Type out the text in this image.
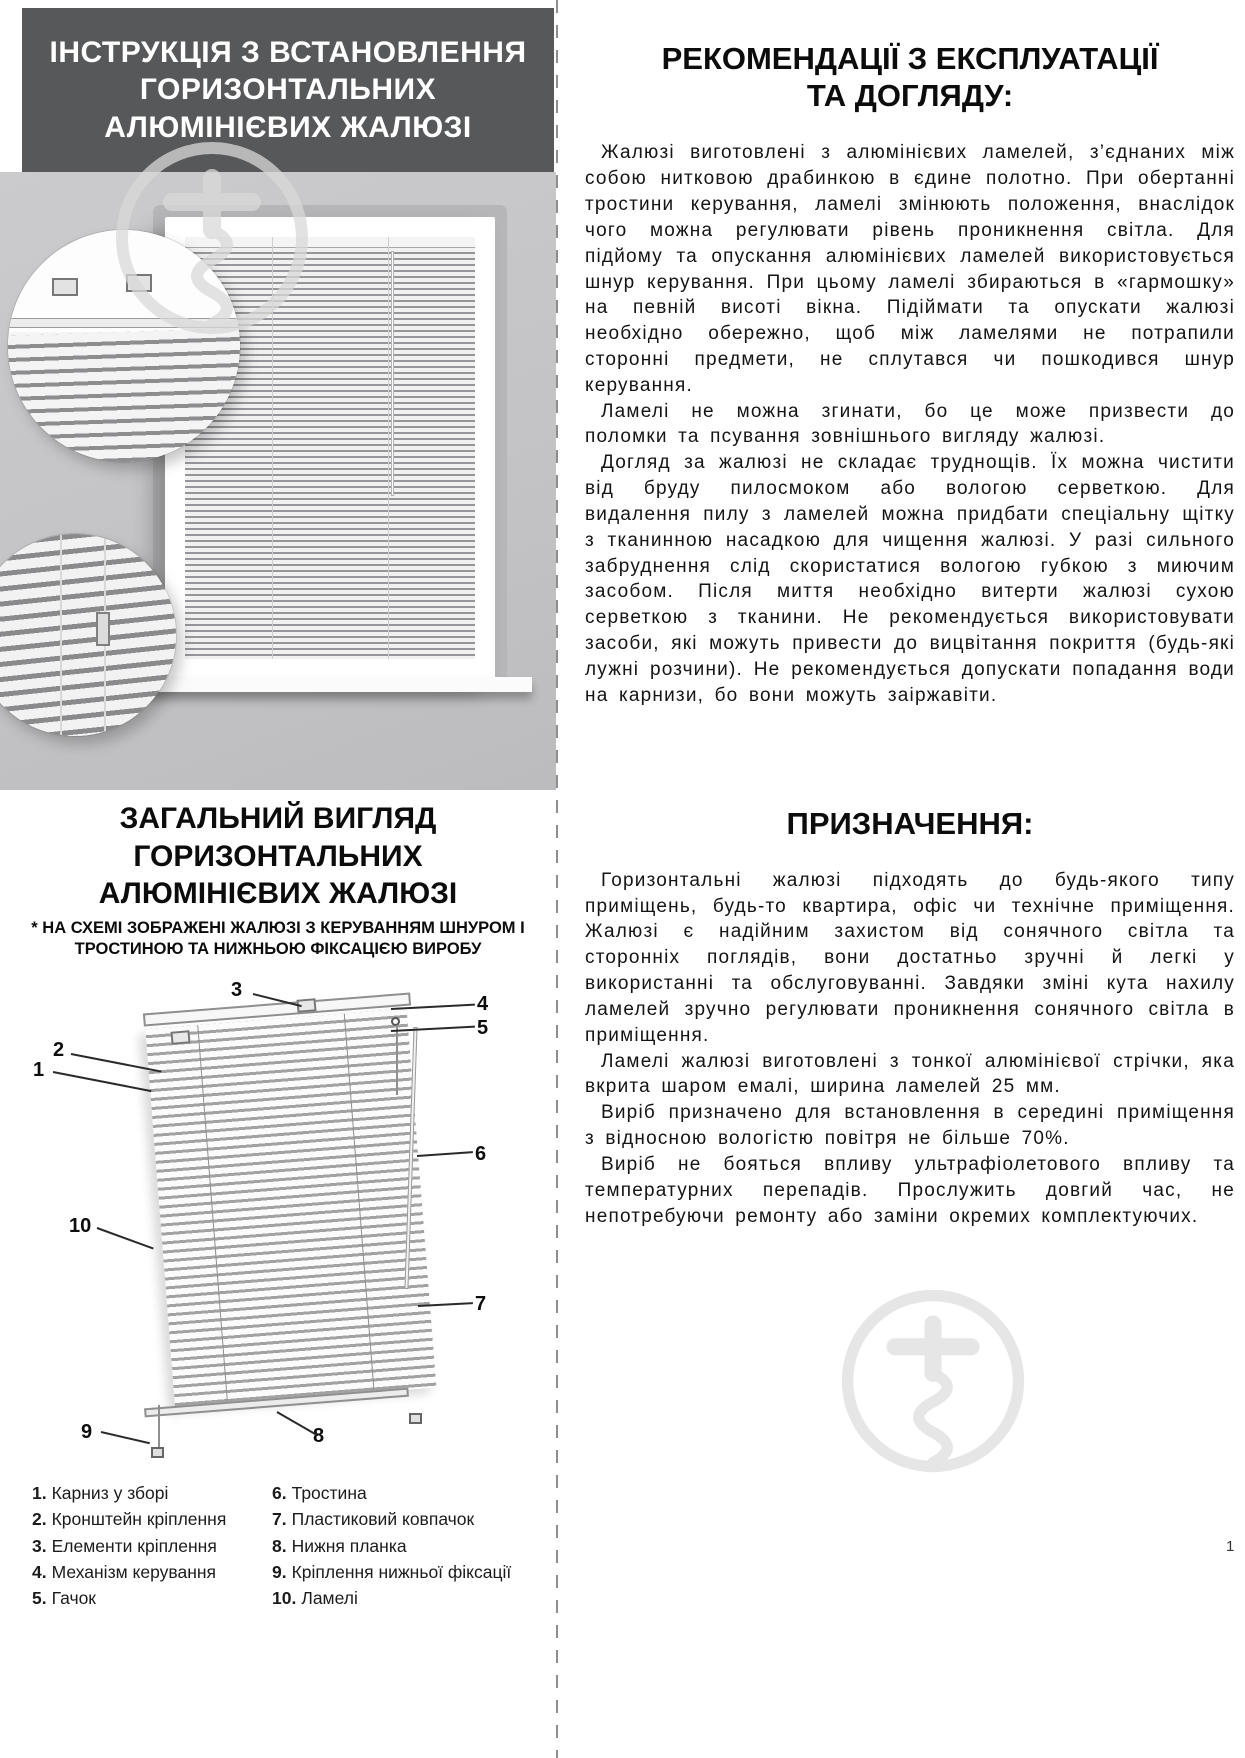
ІНСТРУКЦІЯ З ВСТАНОВЛЕННЯ ГОРИЗОНТАЛЬНИХ АЛЮМІНІЄВИХ ЖАЛЮЗІ
ЗАГАЛЬНИЙ ВИГЛЯД ГОРИЗОНТАЛЬНИХ АЛЮМІНІЄВИХ ЖАЛЮЗІ
* НА СХЕМІ ЗОБРАЖЕНІ ЖАЛЮЗІ З КЕРУВАННЯМ ШНУРОМ І ТРОСТИНОЮ ТА НИЖНЬОЮ ФІКСАЦІЄЮ ВИРОБУ
1
2
3
4
5
6
7
8
9
10
1. Карниз у зборі
2. Кронштейн кріплення
3. Елементи кріплення
4. Механізм керування
5. Гачок
6. Тростина
7. Пластиковий ковпачок
8. Нижня планка
9. Кріплення нижньої фіксації
10. Ламелі
РЕКОМЕНДАЦІЇ З ЕКСПЛУАТАЦІЇ ТА ДОГЛЯДУ:

Жалюзі виготовлені з алюмінієвих ламелей, з’єднаних між собою нитковою драбинкою в єдине полотно. При обертанні тростини керування, ламелі змінюють положення, внаслідок чого можна регулювати рівень проникнення світла. Для підйому та опускання алюмінієвих ламелей використовується шнур керування. При цьому ламелі збираються в «гармошку» на певній висоті вікна. Підіймати та опускати жалюзі необхідно обережно, щоб між ламелями не потрапили сторонні предмети, не сплутався чи пошкодився шнур керування.

Ламелі не можна згинати, бо це може призвести до поломки та псування зовнішнього вигляду жалюзі.

Догляд за жалюзі не складає труднощів. Їх можна чистити від бруду пилосмоком або вологою серветкою. Для видалення пилу з ламелей можна придбати спеціальну щітку з тканинною насадкою для чищення жалюзі. У разі сильного забруднення слід скористатися вологою губкою з миючим засобом. Після миття необхідно витерти жалюзі сухою серветкою з тканини. Не рекомендується використовувати засоби, які можуть привести до вицвітання покриття (будь-які лужні розчини). Не рекомендується допускати попадання води на карнизи, бо вони можуть заіржавіти.

ПРИЗНАЧЕННЯ:

Горизонтальні жалюзі підходять до будь-якого типу приміщень, будь-то квартира, офіс чи технічне приміщення. Жалюзі є надійним захистом від сонячного світла та сторонніх поглядів, вони достатньо зручні й легкі у використанні та обслуговуванні. Завдяки зміні кута нахилу ламелей зручно регулювати проникнення сонячного світла в приміщення.

Ламелі жалюзі виготовлені з тонкої алюмінієвої стрічки, яка вкрита шаром емалі, ширина ламелей 25 мм.

Виріб призначено для встановлення в середині приміщення з відносною вологістю повітря не більше 70%.

Виріб не бояться впливу ультрафіолетового впливу та температурних перепадів. Прослужить довгий час, не непотребуючи ремонту або заміни окремих комплектуючих.

1
